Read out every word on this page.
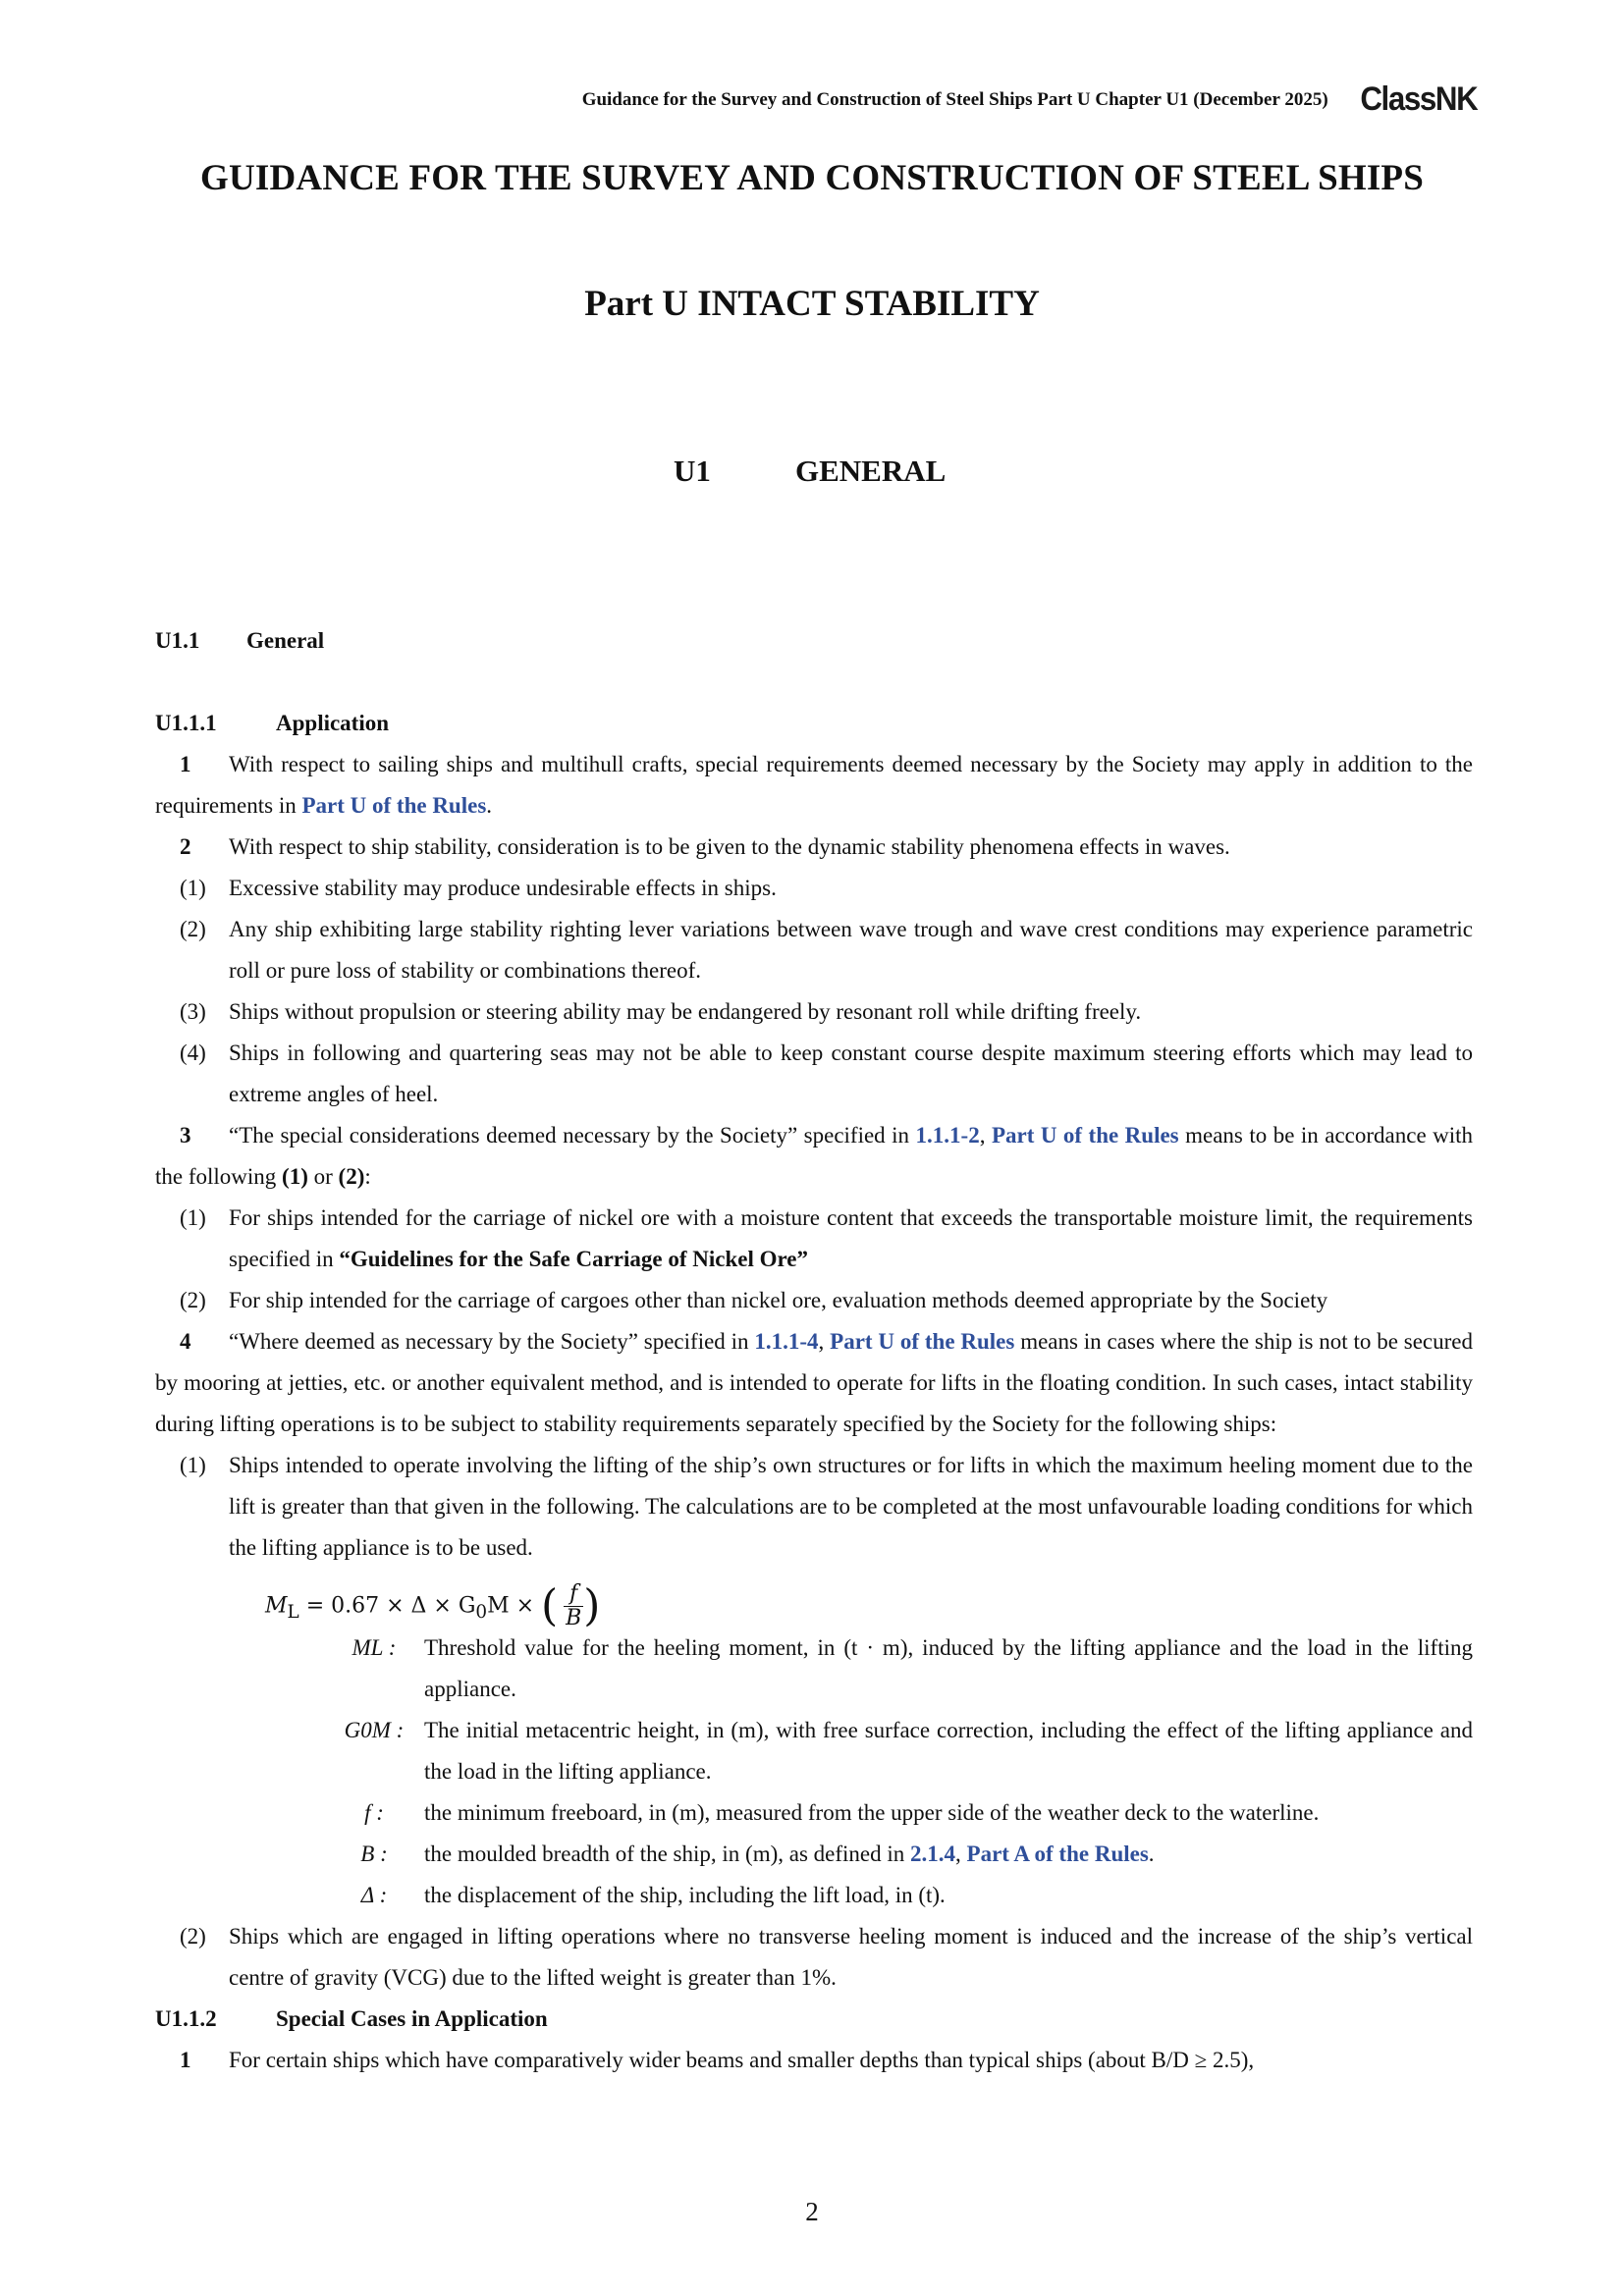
Guidance for the Survey and Construction of Steel Ships Part U Chapter U1 (December 2025) ClassNK
GUIDANCE FOR THE SURVEY AND CONSTRUCTION OF STEEL SHIPS
Part U INTACT STABILITY
U1	GENERAL
U1.1 General
U1.1.1	Application
1 With respect to sailing ships and multihull crafts, special requirements deemed necessary by the Society may apply in addition to the requirements in Part U of the Rules.
2 With respect to ship stability, consideration is to be given to the dynamic stability phenomena effects in waves.
(1) Excessive stability may produce undesirable effects in ships.
(2) Any ship exhibiting large stability righting lever variations between wave trough and wave crest conditions may experience parametric roll or pure loss of stability or combinations thereof.
(3) Ships without propulsion or steering ability may be endangered by resonant roll while drifting freely.
(4) Ships in following and quartering seas may not be able to keep constant course despite maximum steering efforts which may lead to extreme angles of heel.
3 “The special considerations deemed necessary by the Society” specified in 1.1.1-2, Part U of the Rules means to be in accordance with the following (1) or (2):
(1) For ships intended for the carriage of nickel ore with a moisture content that exceeds the transportable moisture limit, the requirements specified in “Guidelines for the Safe Carriage of Nickel Ore”
(2) For ship intended for the carriage of cargoes other than nickel ore, evaluation methods deemed appropriate by the Society
4 “Where deemed as necessary by the Society” specified in 1.1.1-4, Part U of the Rules means in cases where the ship is not to be secured by mooring at jetties, etc. or another equivalent method, and is intended to operate for lifts in the floating condition. In such cases, intact stability during lifting operations is to be subject to stability requirements separately specified by the Society for the following ships:
(1) Ships intended to operate involving the lifting of the ship’s own structures or for lifts in which the maximum heeling moment due to the lift is greater than that given in the following. The calculations are to be completed at the most unfavourable loading conditions for which the lifting appliance is to be used.
$M_L = 0.67 \times \Delta \times G_0M$ × ( $\frac{f}{B}$ )
ML :	Threshold value for the heeling moment, in (t · m), induced by the lifting appliance and the load in the lifting appliance.
G0M : The initial metacentric height, in (m), with free surface correction, including the effect of the lifting appliance and the load in the lifting appliance.
f :	the minimum freeboard, in (m), measured from the upper side of the weather deck to the waterline.
B :	the moulded breadth of the ship, in (m), as defined in 2.1.4, Part A of the Rules.
Δ :	the displacement of the ship, including the lift load, in (t).
(2) Ships which are engaged in lifting operations where no transverse heeling moment is induced and the increase of the ship’s vertical centre of gravity (VCG) due to the lifted weight is greater than 1%.
U1.1.2	Special Cases in Application
1 For certain ships which have comparatively wider beams and smaller depths than typical ships (about B/D ≥ 2.5),
2
